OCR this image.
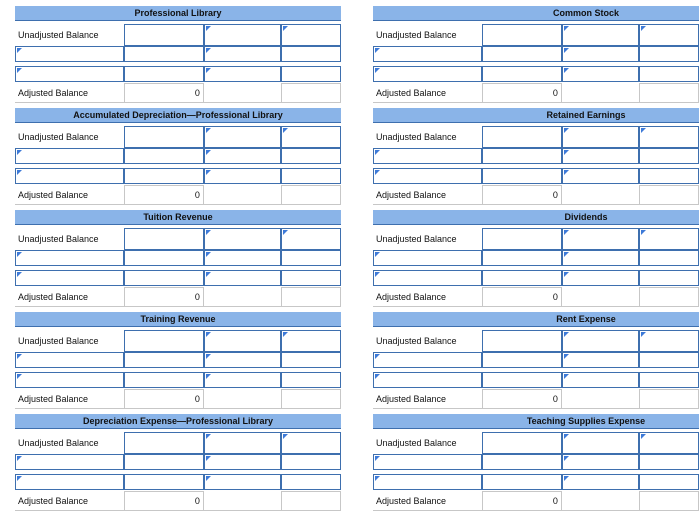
Professional Library
Unadjusted Balance
Adjusted Balance	0
Accumulated Depreciation—Professional Library
Unadjusted Balance
Adjusted Balance	0
Tuition Revenue
Unadjusted Balance
Adjusted Balance	0
Training Revenue
Unadjusted Balance
Adjusted Balance	0
Depreciation Expense—Professional Library
Unadjusted Balance
Adjusted Balance	0
Common Stock
Unadjusted Balance
Adjusted Balance	0
Retained Earnings
Unadjusted Balance
Adjusted Balance	0
Dividends
Unadjusted Balance
Adjusted Balance	0
Rent Expense
Unadjusted Balance
Adjusted Balance	0
Teaching Supplies Expense
Unadjusted Balance
Adjusted Balance	0
